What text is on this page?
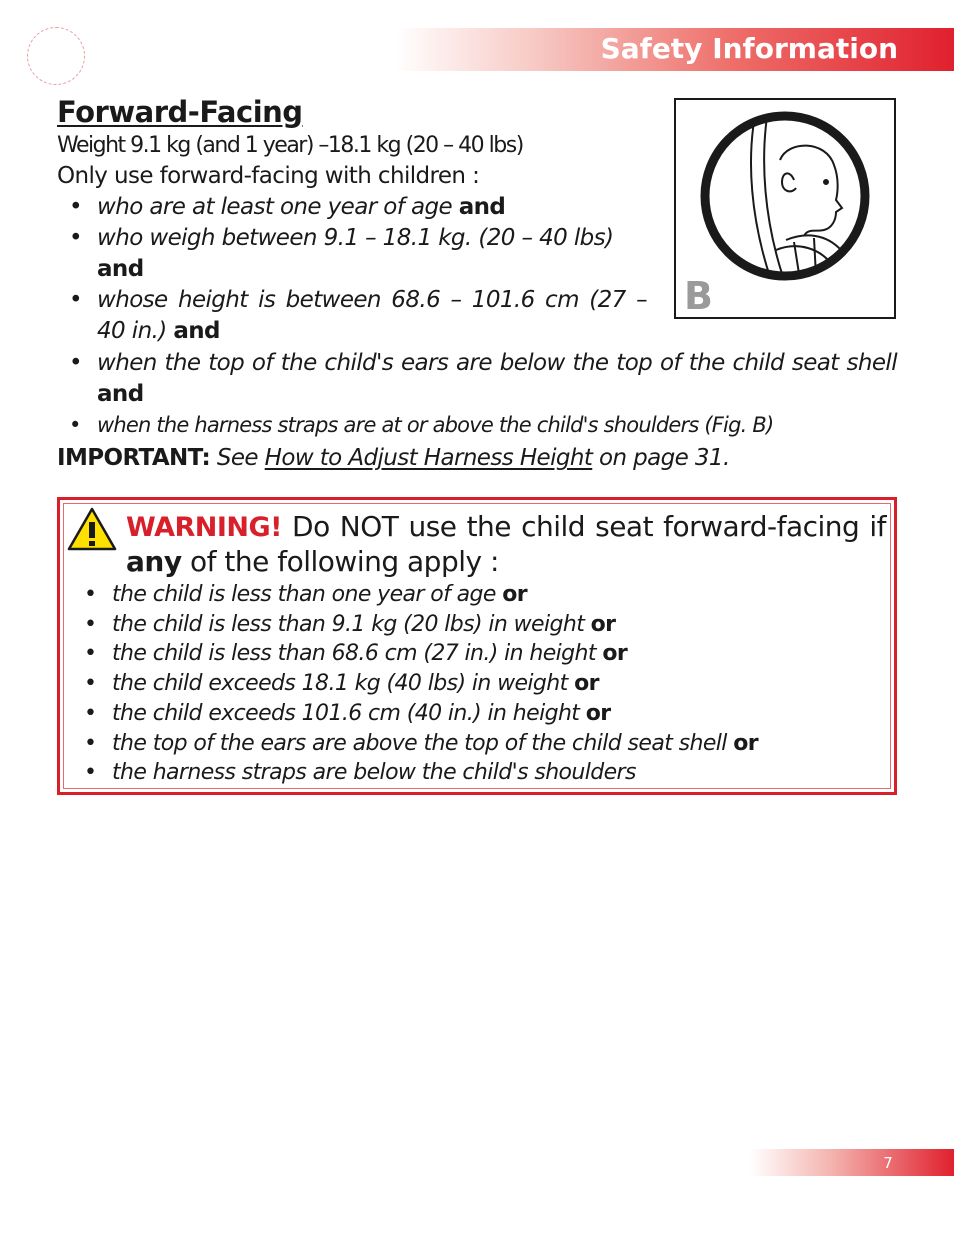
Safety Information
Forward-Facing
Weight 9.1 kg (and 1 year) –18.1 kg (20 – 40 lbs)
Only use forward-facing with children :
• who are at least one year of age and
• who weigh between 9.1 – 18.1 kg. (20 – 40 lbs)
and
• whose height is between 68.6 – 101.6 cm (27 – 40 in.) and
• when the top of the child's ears are below the top of the child seat shell and
• when the harness straps are at or above the child's shoulders (Fig. B)
IMPORTANT: See How to Adjust Harness Height on page 31.
B
WARNING! Do NOT use the child seat forward-facing if any of the following apply :
• the child is less than one year of age or
• the child is less than 9.1 kg (20 lbs) in weight or
• the child is less than 68.6 cm (27 in.) in height or
• the child exceeds 18.1 kg (40 lbs) in weight or
• the child exceeds 101.6 cm (40 in.) in height or
• the top of the ears are above the top of the child seat shell or
• the harness straps are below the child's shoulders
7
